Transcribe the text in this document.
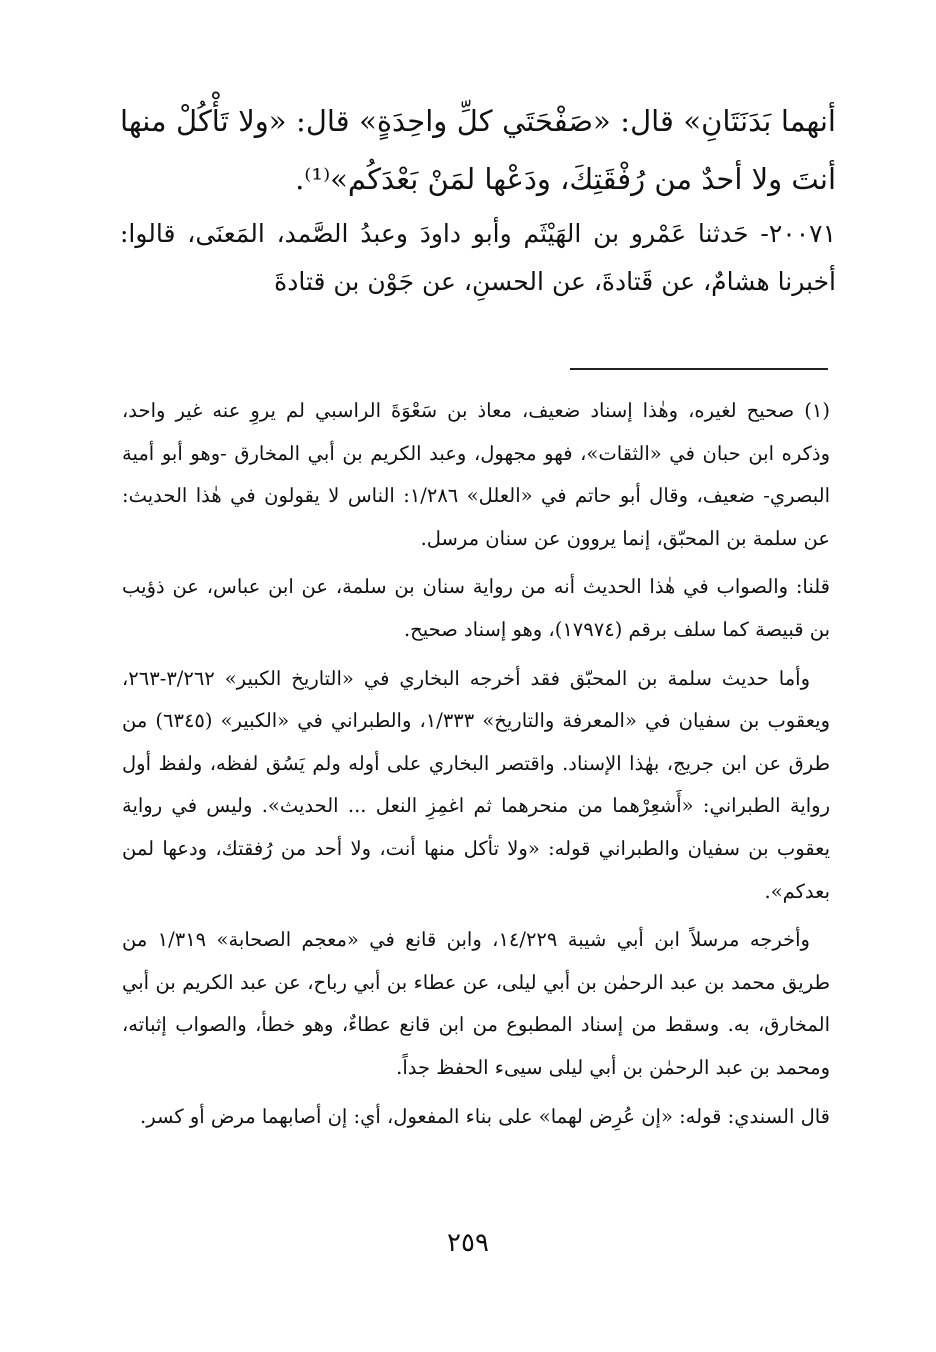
أنهما بَدَنَتَانِ» قال: «صَفْحَتَي كلِّ واحِدَةٍ» قال: «ولا تَأْكُلْ منها أنتَ ولا أحدٌ من رُفْقَتِكَ، ودَعْها لمَنْ بَعْدَكُم»⁽¹⁾.
٢٠٠٧١- حَدثنا عَمْرو بن الهَيْثَم وأبو داودَ وعبدُ الصَّمد، المَعنَى، قالوا: أخبرنا هشامٌ، عن قَتادةَ، عن الحسنِ، عن جَوْن بن قتادةَ

(١) صحيح لغيره، وهٰذا إسناد ضعيف، معاذ بن سَعْوَةَ الراسبي لم يروِ عنه غير واحد، وذكره ابن حبان في «الثقات»، فهو مجهول، وعبد الكريم بن أبي المخارق -وهو أبو أمية البصري- ضعيف، وقال أبو حاتم في «العلل» ١/٢٨٦: الناس لا يقولون في هٰذا الحديث: عن سلمة بن المحبّق، إنما يروون عن سنان مرسل.

قلنا: والصواب في هٰذا الحديث أنه من رواية سنان بن سلمة، عن ابن عباس، عن ذؤيب بن قبيصة كما سلف برقم (١٧٩٧٤)، وهو إسناد صحيح.

وأما حديث سلمة بن المحبّق فقد أخرجه البخاري في «التاريخ الكبير» ٣/٢٦٢-٢٦٣، ويعقوب بن سفيان في «المعرفة والتاريخ» ١/٣٣٣، والطبراني في «الكبير» (٦٣٤٥) من طرق عن ابن جريج، بهٰذا الإسناد. واقتصر البخاري على أوله ولم يَسُق لفظه، ولفظ أول رواية الطبراني: «أَشعِرْهما من منحرهما ثم اغمِزِ النعل ... الحديث». وليس في رواية يعقوب بن سفيان والطبراني قوله: «ولا تأكل منها أنت، ولا أحد من رُفقتك، ودعها لمن بعدكم».

وأخرجه مرسلاً ابن أبي شيبة ١٤/٢٢٩، وابن قانع في «معجم الصحابة» ١/٣١٩ من طريق محمد بن عبد الرحمٰن بن أبي ليلى، عن عطاء بن أبي رباح، عن عبد الكريم بن أبي المخارق، به. وسقط من إسناد المطبوع من ابن قانع عطاءٌ، وهو خطأ، والصواب إثباته، ومحمد بن عبد الرحمٰن بن أبي ليلى سيىء الحفظ جداً.

قال السندي: قوله: «إن عُرِض لهما» على بناء المفعول، أي: إن أصابهما مرض أو كسر.

٢٥٩
